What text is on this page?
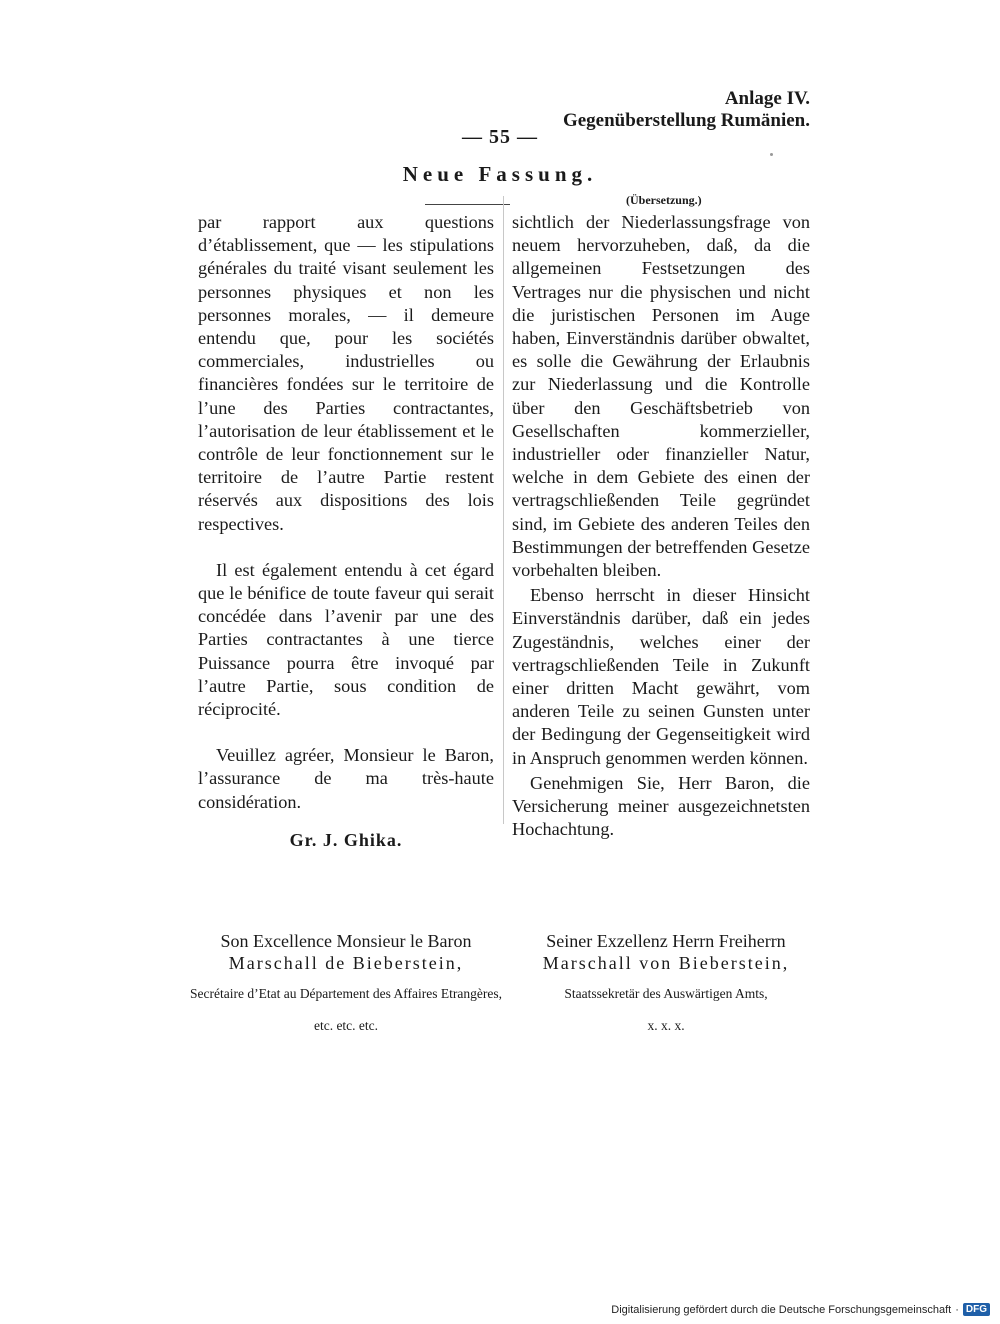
Anlage IV.
Gegenüberstellung Rumänien.
— 55 —
Neue Fassung.
(Übersetzung.)

par rapport aux questions d’établissement, que — les stipulations générales du traité visant seulement les personnes physiques et non les personnes morales, — il demeure entendu que, pour les sociétés commerciales, industrielles ou financières fondées sur le territoire de l’une des Parties contractantes, l’autorisation de leur établissement et le contrôle de leur fonctionnement sur le territoire de l’autre Partie restent réservés aux dispositions des lois respectives.

Il est également entendu à cet égard que le bénifice de toute faveur qui serait concédée dans l’avenir par une des Parties contractantes à une tierce Puissance pourra être invoqué par l’autre Partie, sous condition de réciprocité.

Veuillez agréer, Monsieur le Baron, l’assurance de ma très-haute considération.

sichtlich der Niederlassungsfrage von neuem hervorzuheben, daß, da die allgemeinen Festsetzungen des Vertrages nur die physischen und nicht die juristischen Personen im Auge haben, Einverständnis darüber obwaltet, es solle die Gewährung der Erlaubnis zur Niederlassung und die Kontrolle über den Geschäftsbetrieb von Gesellschaften kommerzieller, industrieller oder finanzieller Natur, welche in dem Gebiete des einen der vertragschließenden Teile gegründet sind, im Gebiete des anderen Teiles den Bestimmungen der betreffenden Gesetze vorbehalten bleiben.

Ebenso herrscht in dieser Hinsicht Einverständnis darüber, daß ein jedes Zugeständnis, welches einer der vertragschließenden Teile in Zukunft einer dritten Macht gewährt, vom anderen Teile zu seinen Gunsten unter der Bedingung der Gegenseitigkeit wird in Anspruch genommen werden können.

Genehmigen Sie, Herr Baron, die Versicherung meiner ausgezeichnetsten Hochachtung.

Gr. J. Ghika.
Son Excellence Monsieur le Baron
Marschall de Bieberstein,
Secrétaire d’Etat au Département des Affaires Etrangères,
etc. etc. etc.
Seiner Exzellenz Herrn Freiherrn
Marschall von Bieberstein,
Staatssekretär des Auswärtigen Amts,
x. x. x.
Digitalisierung gefördert durch die Deutsche Forschungsgemeinschaft · DFG
